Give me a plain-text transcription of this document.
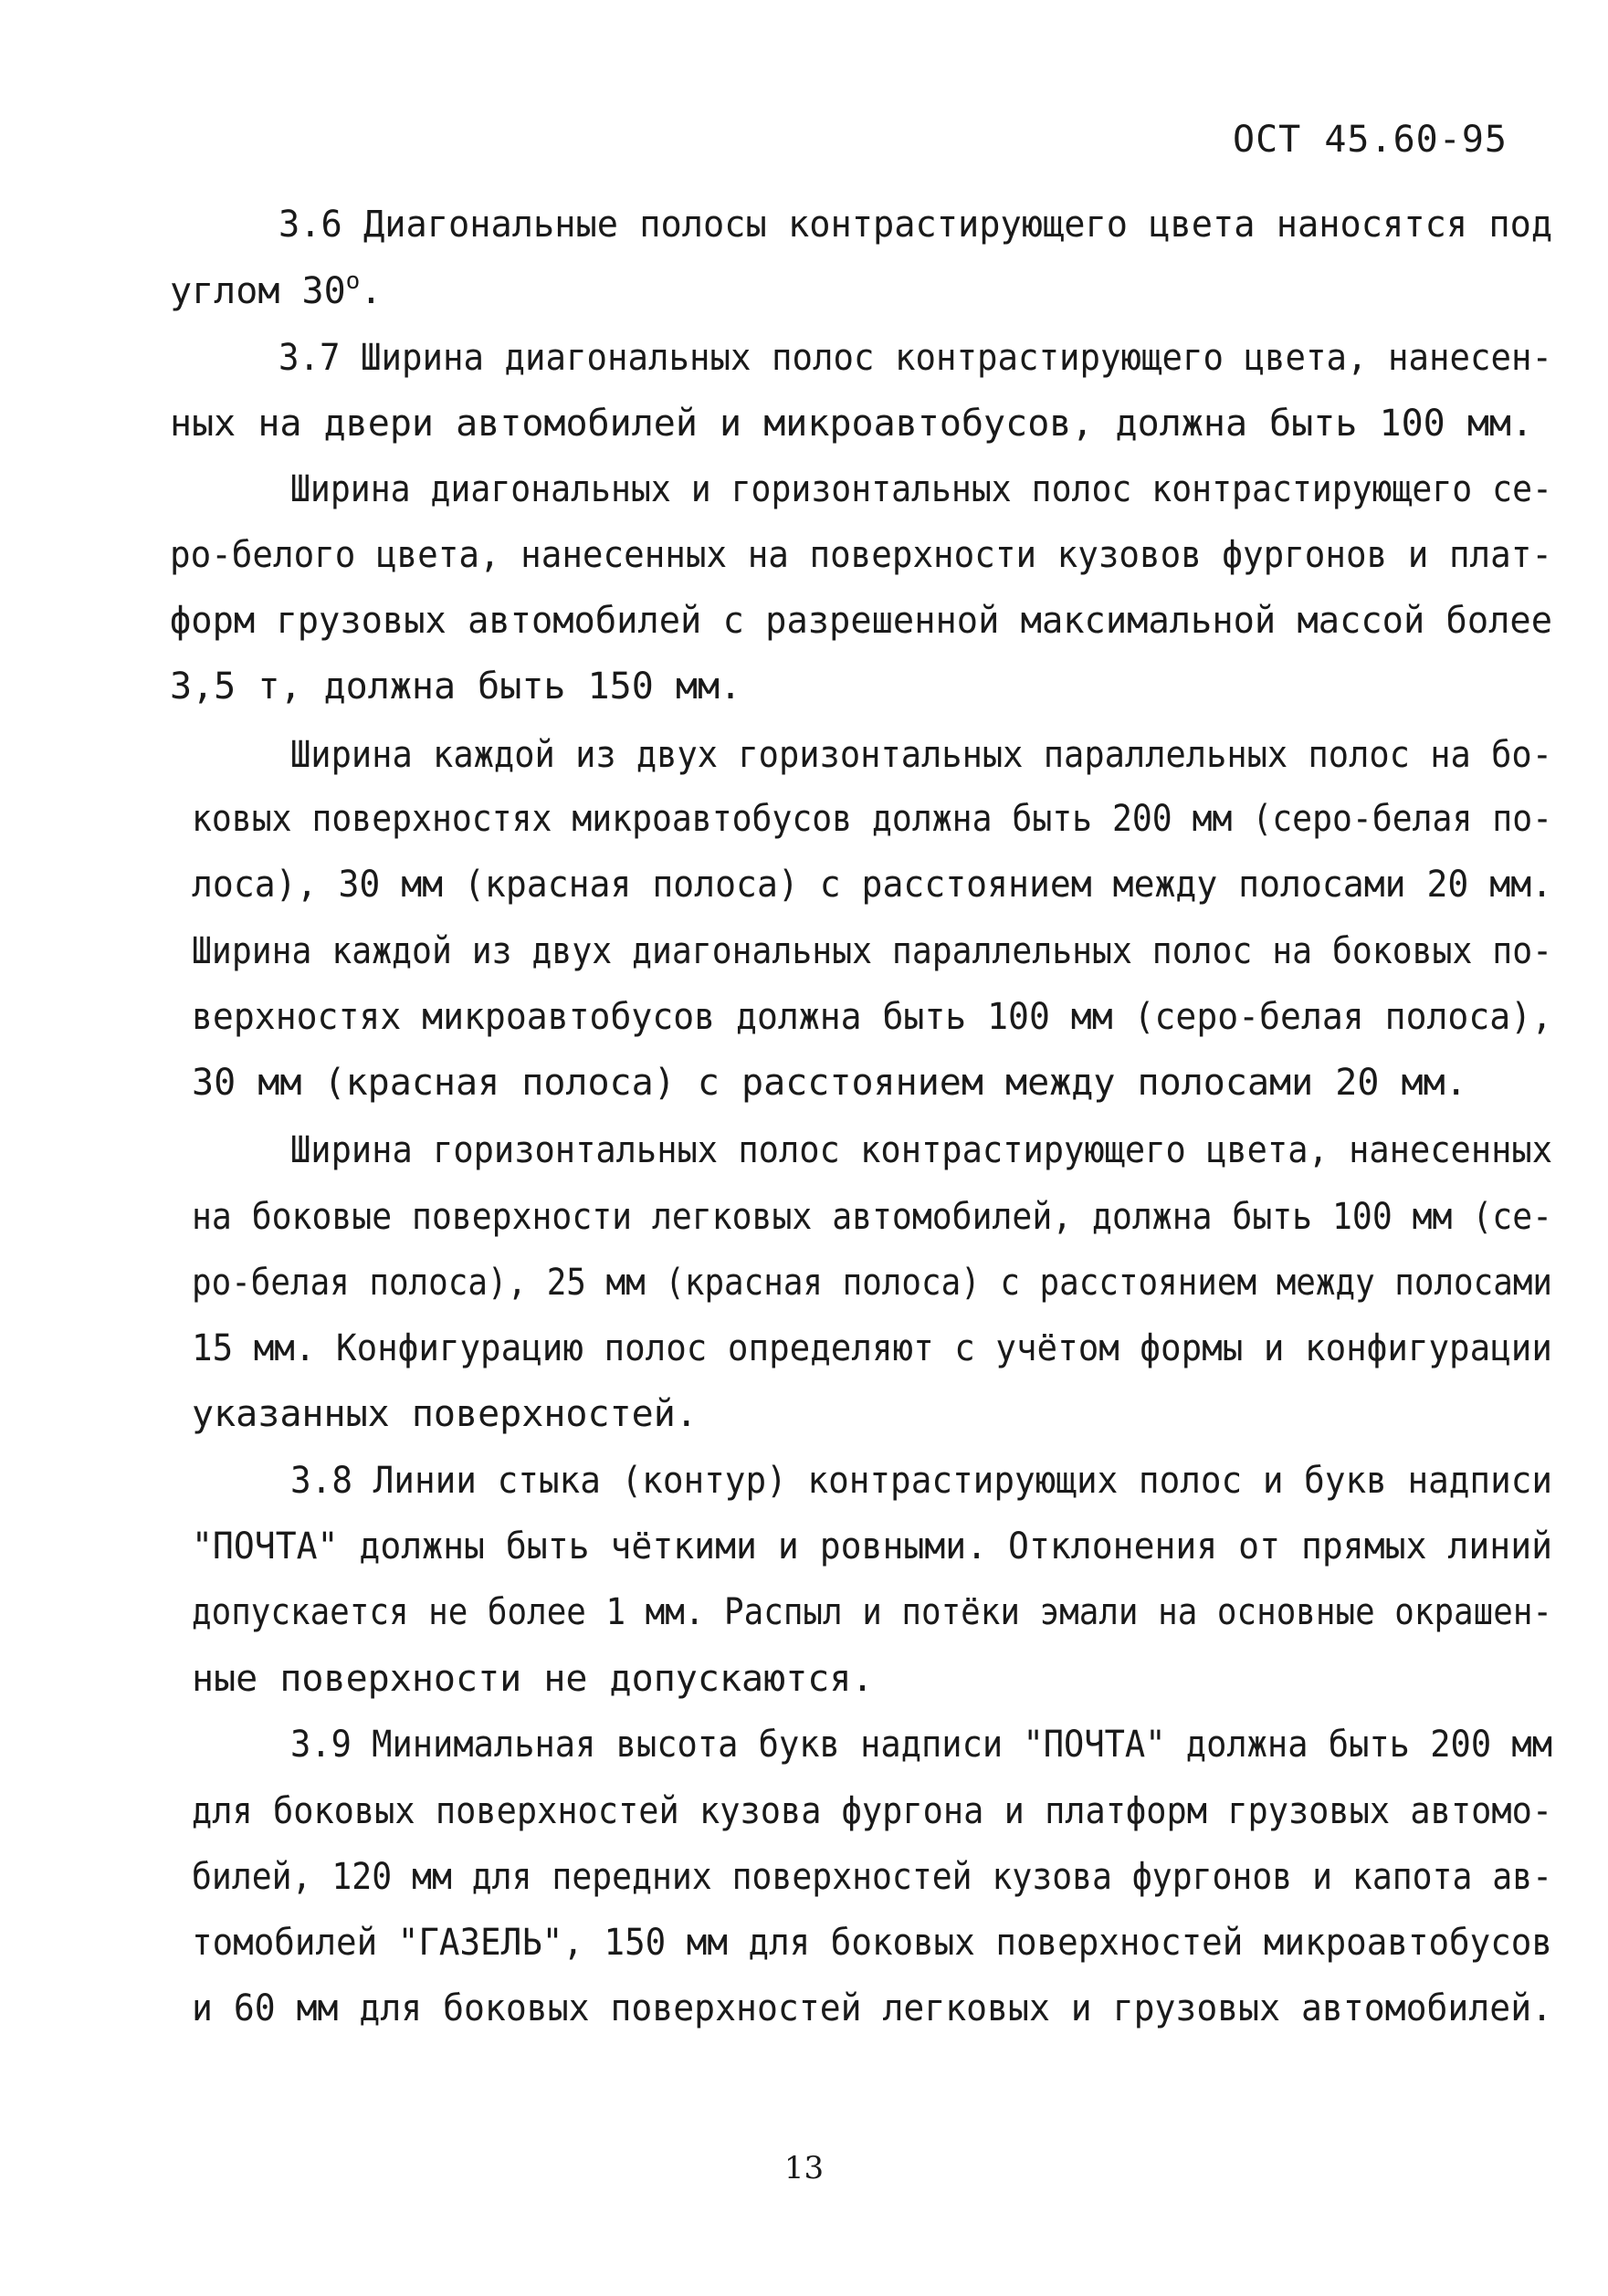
ОСТ 45.60-95
3.6 Диагональные полосы контрастирующего цвета наносятся под
углом $30^о$.
3.7 Ширина диагональных полос контрастирующего цвета, нанесен-
ных на двери автомобилей и микроавтобусов, должна быть 100 мм.
Ширина диагональных и горизонтальных полос контрастирующего се-
ро-белого цвета, нанесенных на поверхности кузовов фургонов и плат-
форм грузовых автомобилей с разрешенной максимальной массой более
3,5 т, должна быть 150 мм.
Ширина каждой из двух горизонтальных параллельных полос на бо-
ковых поверхностях микроавтобусов должна быть 200 мм (серо-белая по-
лоса), 30 мм (красная полоса) с расстоянием между полосами 20 мм.
Ширина каждой из двух диагональных параллельных полос на боковых по-
верхностях микроавтобусов должна быть 100 мм (серо-белая полоса),
30 мм (красная полоса) с расстоянием между полосами 20 мм.
Ширина горизонтальных полос контрастирующего цвета, нанесенных
на боковые поверхности легковых автомобилей, должна быть 100 мм (се-
ро-белая полоса), 25 мм (красная полоса) с расстоянием между полосами
15 мм. Конфигурацию полос определяют с учётом формы и конфигурации
указанных поверхностей.
3.8 Линии стыка (контур) контрастирующих полос и букв надписи
"ПОЧТА" должны быть чёткими и ровными. Отклонения от прямых линий
допускается не более 1 мм. Распыл и потёки эмали на основные окрашен-
ные поверхности не допускаются.
3.9 Минимальная высота букв надписи "ПОЧТА" должна быть 200 мм
для боковых поверхностей кузова фургона и платформ грузовых автомо-
билей, 120 мм для передних поверхностей кузова фургонов и капота ав-
томобилей "ГАЗЕЛЬ", 150 мм для боковых поверхностей микроавтобусов
и 60 мм для боковых поверхностей легковых и грузовых автомобилей.
13
